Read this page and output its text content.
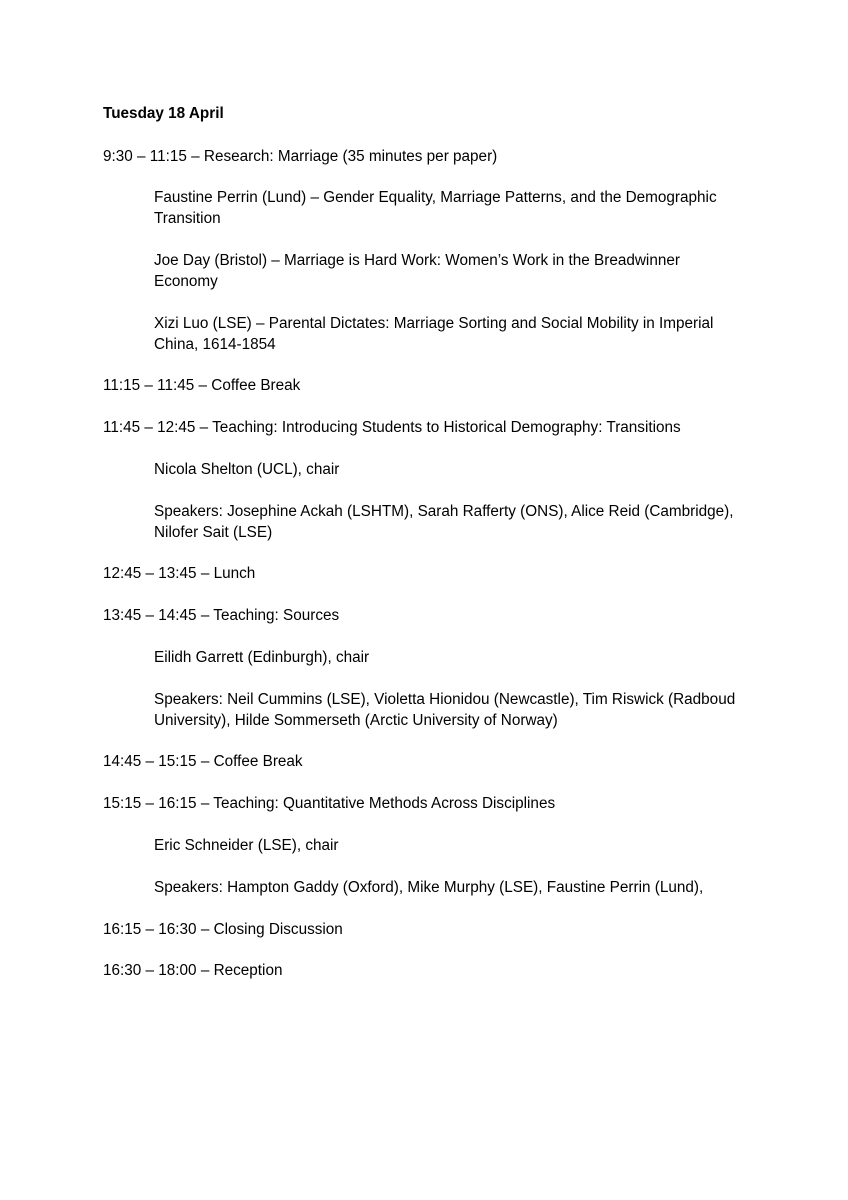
Tuesday 18 April
9:30 – 11:15 – Research: Marriage (35 minutes per paper)
Faustine Perrin (Lund) – Gender Equality, Marriage Patterns, and the Demographic
Transition
Joe Day (Bristol) – Marriage is Hard Work: Women’s Work in the Breadwinner
Economy
Xizi Luo (LSE) – Parental Dictates: Marriage Sorting and Social Mobility in Imperial
China, 1614-1854
11:15 – 11:45 – Coffee Break
11:45 – 12:45 – Teaching: Introducing Students to Historical Demography: Transitions
Nicola Shelton (UCL), chair
Speakers: Josephine Ackah (LSHTM), Sarah Rafferty (ONS), Alice Reid (Cambridge),
Nilofer Sait (LSE)
12:45 – 13:45 – Lunch
13:45 – 14:45 – Teaching: Sources
Eilidh Garrett (Edinburgh), chair
Speakers: Neil Cummins (LSE), Violetta Hionidou (Newcastle), Tim Riswick (Radboud
University), Hilde Sommerseth (Arctic University of Norway)
14:45 – 15:15 – Coffee Break
15:15 – 16:15 – Teaching: Quantitative Methods Across Disciplines
Eric Schneider (LSE), chair
Speakers: Hampton Gaddy (Oxford), Mike Murphy (LSE), Faustine Perrin (Lund),
16:15 – 16:30 – Closing Discussion
16:30 – 18:00 – Reception
